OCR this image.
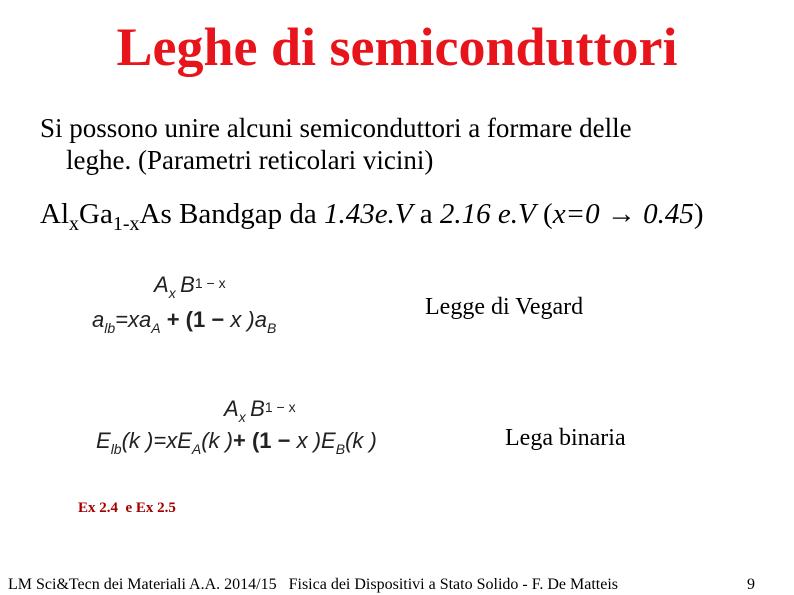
Leghe di semiconduttori
Si possono unire alcuni semiconduttori a formare delle
leghe. (Parametri reticolari vicini)
$Al_xGa_{1-x}As$ Bandgap da 1.43e.V a 2.16 e.V (x=0 → 0.45)
Ax B1 − x
alb=xaA + (1 − x )aB
Legge di Vegard
Ax B1 − x
Elb(k )=xEA(k )+ (1 − x )EB(k )	Lega binaria
Ex 2.4  e Ex 2.5
LM Sci&Tecn dei Materiali A.A. 2014/15   Fisica dei Dispositivi a Stato Solido - F. De Matteis	9
